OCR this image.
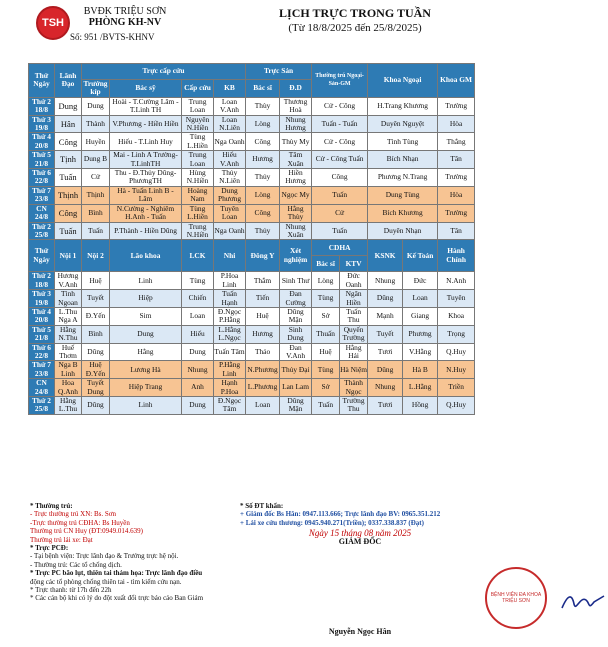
TSH
BVĐK TRIỆU SƠN
PHÒNG KH-NV
Số: 951 /BVTS-KHNV
LỊCH TRỰC TRONG TUẦN
(Từ 18/8/2025 đến 25/8/2025)
Thứ Ngày	Lãnh Đạo	Trực cấp cứu				Trực Sản		Thường trú Ngoại- Sản-GM		Khoa Ngoại		Khoa GM
		Trưởng kíp	Bác sỹ	Cấp cứu	KB	Bác sĩ	Đ.D					
Thứ 2 18/8	Dung	Dung	Hoài - T.Cường Lâm - T.Linh TH	Trung Loan	Loan V.Anh	Thùy	Thương Hoà	Cử - Công		H.Trang Khương		Trường
Thứ 3 19/8	Hân	Thành	V.Phương - Hiền Hiền	Nguyên N.Hiền	Loan N.Liên	Lòng	Nhung Hương	Tuấn - Tuấn		Duyên Nguyệt		Hòa
Thứ 4 20/8	Công	Huyền	Hiếu - T.Linh Huy	Tùng L.Hiền	Nga Oanh	Công	Thùy My	Cử - Công		Tình Tùng		Thắng
Thứ 5 21/8	Tịnh	Dung B	Mai - Linh A Trường-T.LinhTH	Trung Loan	Hiếu V.Anh	Hương	Tâm Xuân	Cử - Công Tuấn		Bích Nhạn		Tân
Thứ 6 22/8	Tuấn	Cử	Thu - Đ.Thủy Dũng-PhươngTH	Hùng N.Hiền	Thủy N.Liên	Thủy	Hiền Hương	Công		Phương N.Trang		Trường
Thứ 7 23/8	Thịnh	Thịnh	Hà - Tuấn Linh B - Lâm	Hoàng Nam	Dung Phương	Lòng	Ngọc My	Tuấn		Dung Tùng		Hòa
CN 24/8	Công	Bình	N.Cường - Nghiêm H.Anh - Tuấn	Tùng L.Hiền	Tuyên Loan	Công	Hằng Thùy	Cử		Bích Khương		Trường
Thứ 2 25/8	Tuấn	Tuấn	P.Thành - Hiền Dũng	Trung N.Hiền	Nga Oanh	Thủy	Nhung Xuân	Tuấn		Duyên Nhạn		Tân
Thứ Ngày	Nội 1	Nội 2	Lão khoa	LCK	Nhi	Đông Y	Xét nghiệm	CDHA		KSNK	Kế Toán	Hành Chính
								Bác sĩ	KTV			
Thứ 2 18/8	Hương V.Anh	Huệ	Linh	Tùng	P.Hoa Linh	Thắm	Sinh Thư	Lòng	Đức Oanh	Nhung	Đức	N.Anh
Thứ 3 19/8	Tình Ngoan	Tuyết	Hiệp	Chiến	Tuấn Hạnh	Tiến	Đan Cường	Tùng	Ngân Hiền	Dũng	Loan	Tuyên
Thứ 4 20/8	L.Thu Nga A	Đ.Yến	Sim	Loan	Đ.Ngọc P.Hằng	Huệ	Dũng Mận	Sở	Tuấn Thu	Mạnh	Giang	Khoa
Thứ 5 21/8	Hằng N.Thu	Bình	Dung	Hiếu	L.Hằng L.Ngọc	Hương	Sinh Dung	Thuấn	Quyến Trường	Tuyết	Phương	Trọng
Thứ 6 22/8	Huế Thơm	Dũng	Hằng	Dung	Tuấn Tâm	Thảo	Đan V.Anh	Huệ	Hằng Hải	Tươi	V.Hằng	Q.Huy
Thứ 7 23/8	Nga B Linh	Huệ Đ.Yến	Lương Hà	Nhung	P.Hằng Linh	N.Phương	Thủy Đại	Tùng	Hà Niệm	Dũng	Hà B	N.Huy
CN 24/8	Hoa Q.Anh	Tuyết Dung	Hiệp Trang	Anh	Hạnh P.Hoa	L.Phương	Lan Lam	Sở	Thành Ngọc	Nhung	L.Hằng	Triền
Thứ 2 25/8	Hằng L.Thu	Dũng	Linh	Dung	Đ.Ngọc Tâm	Loan	Dũng Mận	Tuấn	Trường Thu	Tươi	Hồng	Q.Huy
* Thường trú:
- Trực thường trú XN: Bs. Sơn
-Trực thường trú CĐHA: Bs Huyền
Thường trú CN Huy (ĐT:0949.014.639)
Thường trú lái xe: Đạt
* Trực PCĐ:
- Tại bệnh viện: Trực lãnh đạo & Trưởng trực hệ nội.
- Thường trú: Các tổ chống dịch.
* Trực PC bão lụt, thiên tai thảm họa: Trực lãnh đạo điều
động các tổ phòng chống thiên tai - tìm kiếm cứu nạn.
* Trực thanh: từ 17h đến 22h
* Các cán bộ khi có lý do đột xuất đổi trực báo cáo Ban Giám
* Số ĐT khẩn:
+ Giám đốc Bs Hân: 0947.113.666; Trực lãnh đạo BV: 0965.351.212
+ Lái xe cứu thương: 0945.940.271(Triền); 0337.338.837 (Đạt)
Ngày 15 tháng 08 năm 2025
GIÁM ĐỐC
BỆNH VIỆN ĐA KHOA TRIỆU SƠN
Nguyễn Ngọc Hân
